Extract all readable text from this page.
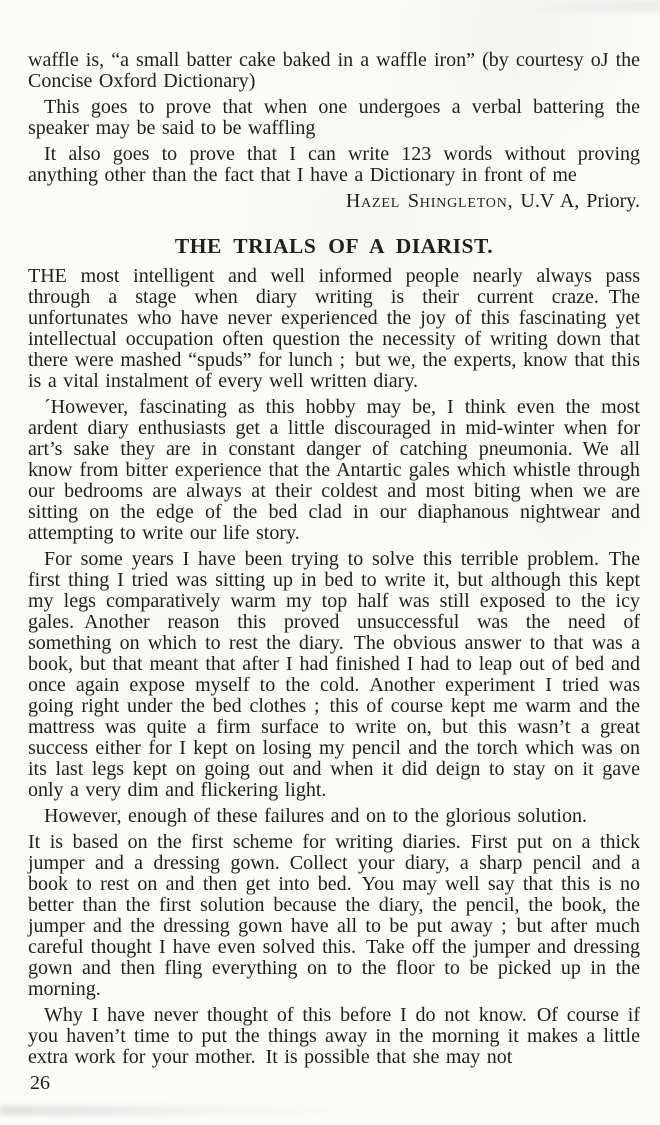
waffle is, “a small batter cake baked in a waffle iron” (by courtesy oJ the Concise Oxford Dictionary)

This goes to prove that when one undergoes a verbal battering the speaker may be said to be waffling

It also goes to prove that I can write 123 words without proving anything other than the fact that I have a Dictionary in front of me

Hazel Shingleton, U.V A, Priory.

THE TRIALS OF A DIARIST.

THE most intelligent and well informed people nearly always pass through a stage when diary writing is their current craze. The unfortunates who have never experienced the joy of this fascinating yet intellectual occupation often question the necessity of writing down that there were mashed “spuds” for lunch ; but we, the experts, know that this is a vital instalment of every well written diary.

´However, fascinating as this hobby may be, I think even the most ardent diary enthusiasts get a little discouraged in mid-winter when for art’s sake they are in constant danger of catching pneumonia. We all know from bitter experience that the Antartic gales which whistle through our bedrooms are always at their coldest and most biting when we are sitting on the edge of the bed clad in our diaphanous nightwear and attempting to write our life story.

For some years I have been trying to solve this terrible problem. The first thing I tried was sitting up in bed to write it, but although this kept my legs comparatively warm my top half was still exposed to the icy gales. Another reason this proved unsuccessful was the need of something on which to rest the diary. The obvious answer to that was a book, but that meant that after I had finished I had to leap out of bed and once again expose myself to the cold. Another experiment I tried was going right under the bed clothes ; this of course kept me warm and the mattress was quite a firm surface to write on, but this wasn’t a great success either for I kept on losing my pencil and the torch which was on its last legs kept on going out and when it did deign to stay on it gave only a very dim and flickering light.

However, enough of these failures and on to the glorious solution.

It is based on the first scheme for writing diaries. First put on a thick jumper and a dressing gown. Collect your diary, a sharp pencil and a book to rest on and then get into bed. You may well say that this is no better than the first solution because the diary, the pencil, the book, the jumper and the dressing gown have all to be put away ; but after much careful thought I have even solved this. Take off the jumper and dressing gown and then fling everything on to the floor to be picked up in the morning.

Why I have never thought of this before I do not know. Of course if you haven’t time to put the things away in the morning it makes a little extra work for your mother. It is possible that she may not

26
